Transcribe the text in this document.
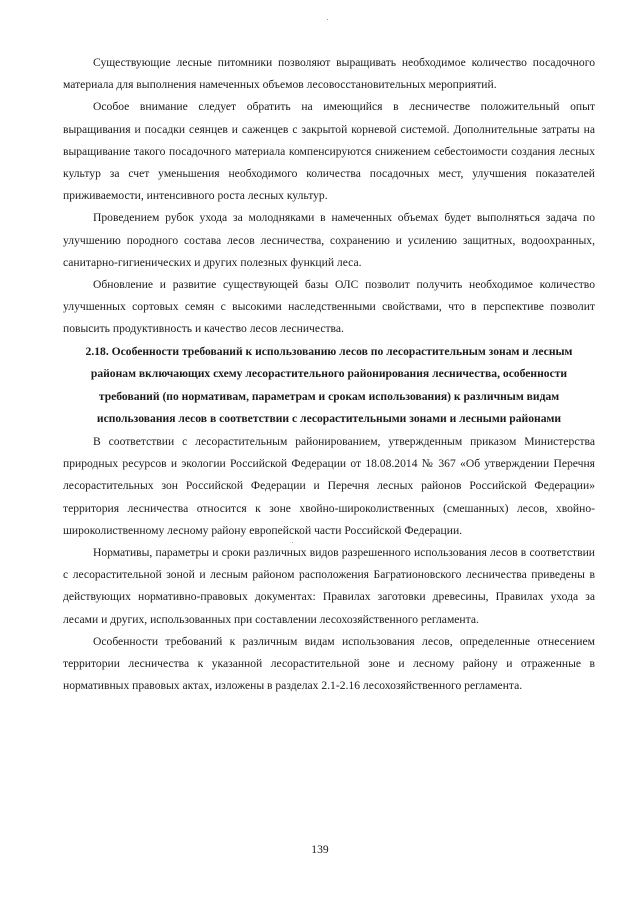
Существующие лесные питомники позволяют выращивать необходимое количество посадочного материала для выполнения намеченных объемов лесовосстановительных мероприятий.

Особое внимание следует обратить на имеющийся в лесничестве положительный опыт выращивания и посадки сеянцев и саженцев с закрытой корневой системой. Дополнительные затраты на выращивание такого посадочного материала компенсируются снижением себестоимости создания лесных культур за счет уменьшения необходимого количества посадочных мест, улучшения показателей приживаемости, интенсивного роста лесных культур.

Проведением рубок ухода за молодняками в намеченных объемах будет выполняться задача по улучшению породного состава лесов лесничества, сохранению и усилению защитных, водоохранных, санитарно-гигиенических и других полезных функций леса.

Обновление и развитие существующей базы ОЛС позволит получить необходимое количество улучшенных сортовых семян с высокими наследственными свойствами, что в перспективе позволит повысить продуктивность и качество лесов лесничества.

2.18. Особенности требований к использованию лесов по лесорастительным зонам и лесным

районам включающих схему лесорастительного районирования лесничества, особенности

требований (по нормативам, параметрам и срокам использования) к различным видам

использования лесов в соответствии с лесорастительными зонами и лесными районами

В соответствии с лесорастительным районированием, утвержденным приказом Министерства природных ресурсов и экологии Российской Федерации от 18.08.2014 № 367 «Об утверждении Перечня лесорастительных зон Российской Федерации и Перечня лесных районов Российской Федерации» территория лесничества относится к зоне хвойно-широколиственных (смешанных) лесов, хвойно-широколиственному лесному району европейской части Российской Федерации.

Нормативы, параметры и сроки различных видов разрешенного использования лесов в соответствии с лесорастительной зоной и лесным районом расположения Багратионовского лесничества приведены в действующих нормативно-правовых документах: Правилах заготовки древесины, Правилах ухода за лесами и других, использованных при составлении лесохозяйственного регламента.

Особенности требований к различным видам использования лесов, определенные отнесением территории лесничества к указанной лесорастительной зоне и лесному району и отраженные в нормативных правовых актах, изложены в разделах 2.1-2.16 лесохозяйственного регламента.

139
